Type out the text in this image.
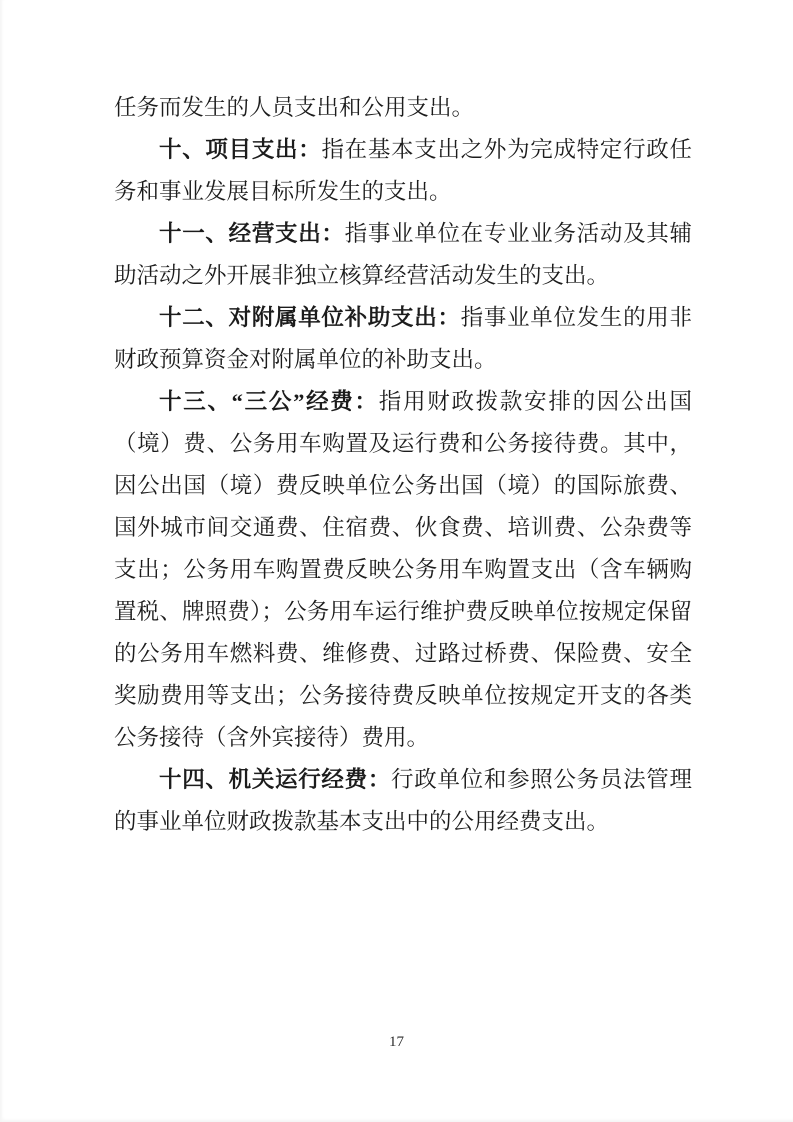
任务而发生的人员支出和公用支出。

十、项目支出：指在基本支出之外为完成特定行政任务和事业发展目标所发生的支出。

十一、经营支出：指事业单位在专业业务活动及其辅助活动之外开展非独立核算经营活动发生的支出。

十二、对附属单位补助支出：指事业单位发生的用非财政预算资金对附属单位的补助支出。

十三、“三公”经费：指用财政拨款安排的因公出国（境）费、公务用车购置及运行费和公务接待费。其中，因公出国（境）费反映单位公务出国（境）的国际旅费、国外城市间交通费、住宿费、伙食费、培训费、公杂费等支出；公务用车购置费反映公务用车购置支出（含车辆购置税、牌照费）；公务用车运行维护费反映单位按规定保留的公务用车燃料费、维修费、过路过桥费、保险费、安全奖励费用等支出；公务接待费反映单位按规定开支的各类公务接待（含外宾接待）费用。

十四、机关运行经费：行政单位和参照公务员法管理的事业单位财政拨款基本支出中的公用经费支出。

17
